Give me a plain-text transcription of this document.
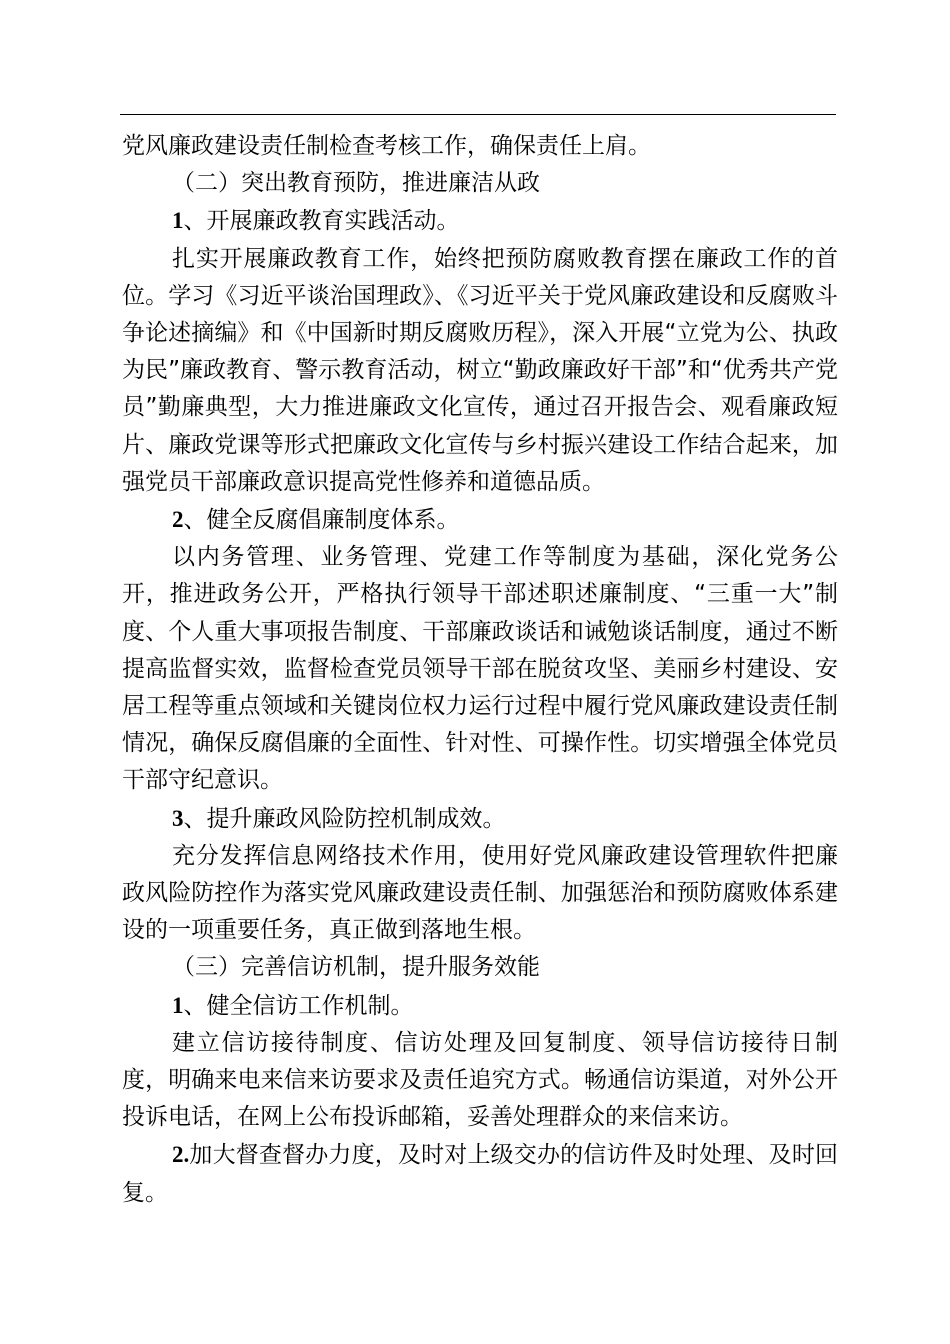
党风廉政建设责任制检查考核工作，确保责任上肩。

（二）突出教育预防，推进廉洁从政

1、开展廉政教育实践活动。

扎实开展廉政教育工作，始终把预防腐败教育摆在廉政工作的首位。学习《习近平谈治国理政》、《习近平关于党风廉政建设和反腐败斗争论述摘编》和《中国新时期反腐败历程》，深入开展“立党为公、执政为民”廉政教育、警示教育活动，树立“勤政廉政好干部”和“优秀共产党员”勤廉典型，大力推进廉政文化宣传，通过召开报告会、观看廉政短片、廉政党课等形式把廉政文化宣传与乡村振兴建设工作结合起来，加强党员干部廉政意识提高党性修养和道德品质。

2、健全反腐倡廉制度体系。

以内务管理、业务管理、党建工作等制度为基础，深化党务公开，推进政务公开，严格执行领导干部述职述廉制度、“三重一大”制度、个人重大事项报告制度、干部廉政谈话和诫勉谈话制度，通过不断提高监督实效，监督检查党员领导干部在脱贫攻坚、美丽乡村建设、安居工程等重点领域和关键岗位权力运行过程中履行党风廉政建设责任制情况，确保反腐倡廉的全面性、针对性、可操作性。切实增强全体党员干部守纪意识。

3、提升廉政风险防控机制成效。

充分发挥信息网络技术作用，使用好党风廉政建设管理软件把廉政风险防控作为落实党风廉政建设责任制、加强惩治和预防腐败体系建设的一项重要任务，真正做到落地生根。

（三）完善信访机制，提升服务效能

1、健全信访工作机制。

建立信访接待制度、信访处理及回复制度、领导信访接待日制度，明确来电来信来访要求及责任追究方式。畅通信访渠道，对外公开投诉电话，在网上公布投诉邮箱，妥善处理群众的来信来访。

2.加大督查督办力度，及时对上级交办的信访件及时处理、及时回复。
